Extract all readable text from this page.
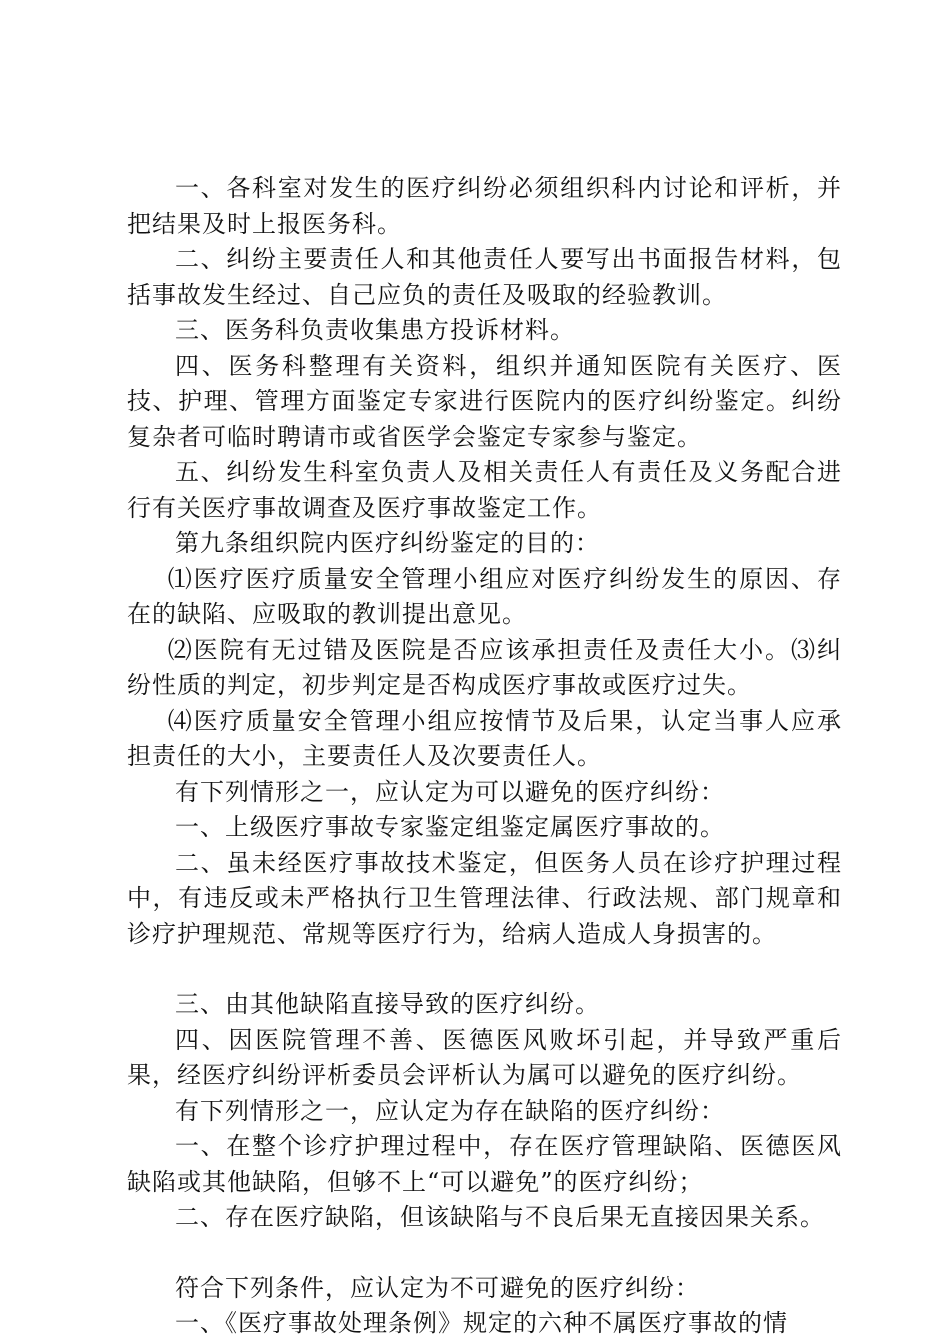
一、各科室对发生的医疗纠纷必须组织科内讨论和评析，并把结果及时上报医务科。

二、纠纷主要责任人和其他责任人要写出书面报告材料，包括事故发生经过、自己应负的责任及吸取的经验教训。

三、医务科负责收集患方投诉材料。

四、医务科整理有关资料，组织并通知医院有关医疗、医技、护理、管理方面鉴定专家进行医院内的医疗纠纷鉴定。纠纷复杂者可临时聘请市或省医学会鉴定专家参与鉴定。

五、纠纷发生科室负责人及相关责任人有责任及义务配合进行有关医疗事故调查及医疗事故鉴定工作。

第九条组织院内医疗纠纷鉴定的目的：

⑴医疗医疗质量安全管理小组应对医疗纠纷发生的原因、存在的缺陷、应吸取的教训提出意见。

⑵医院有无过错及医院是否应该承担责任及责任大小。⑶纠纷性质的判定，初步判定是否构成医疗事故或医疗过失。

⑷医疗质量安全管理小组应按情节及后果，认定当事人应承担责任的大小，主要责任人及次要责任人。

有下列情形之一，应认定为可以避免的医疗纠纷：

一、上级医疗事故专家鉴定组鉴定属医疗事故的。

二、虽未经医疗事故技术鉴定，但医务人员在诊疗护理过程中，有违反或未严格执行卫生管理法律、行政法规、部门规章和诊疗护理规范、常规等医疗行为，给病人造成人身损害的。

三、由其他缺陷直接导致的医疗纠纷。

四、因医院管理不善、医德医风败坏引起，并导致严重后果，经医疗纠纷评析委员会评析认为属可以避免的医疗纠纷。

有下列情形之一，应认定为存在缺陷的医疗纠纷：

一、在整个诊疗护理过程中，存在医疗管理缺陷、医德医风缺陷或其他缺陷，但够不上“可以避免”的医疗纠纷；

二、存在医疗缺陷，但该缺陷与不良后果无直接因果关系。

符合下列条件，应认定为不可避免的医疗纠纷：

一、《医疗事故处理条例》规定的六种不属医疗事故的情
